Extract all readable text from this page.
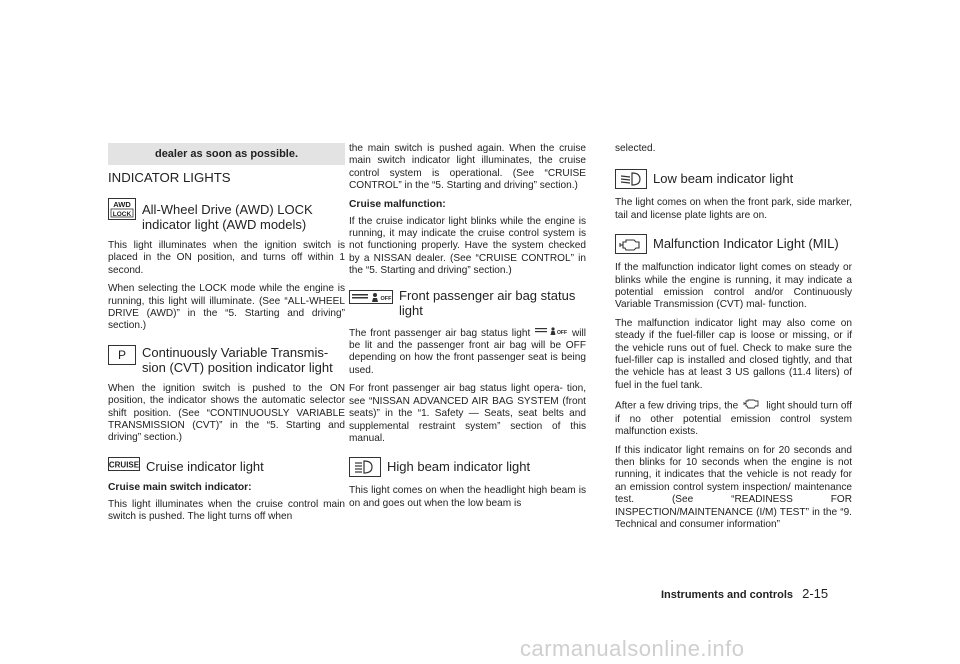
dealer as soon as possible.
INDICATOR LIGHTS
AWD
LOCK All-Wheel Drive (AWD) LOCK indicator light (AWD models)

This light illuminates when the ignition switch is placed in the ON position, and turns off within 1 second.

When selecting the LOCK mode while the engine is running, this light will illuminate. (See “ALL-WHEEL DRIVE (AWD)” in the “5. Starting and driving” section.)

P Continuously Variable Transmis- sion (CVT) position indicator light

When the ignition switch is pushed to the ON position, the indicator shows the automatic selector shift position. (See “CONTINUOUSLY VARIABLE TRANSMISSION (CVT)” in the “5. Starting and driving” section.)

CRUISE Cruise indicator light
Cruise main switch indicator:

This light illuminates when the cruise control main switch is pushed. The light turns off when

the main switch is pushed again. When the cruise main switch indicator light illuminates, the cruise control system is operational. (See “CRUISE CONTROL” in the “5. Starting and driving” section.)

Cruise malfunction:

If the cruise indicator light blinks while the engine is running, it may indicate the cruise control system is not functioning properly. Have the system checked by a NISSAN dealer. (See “CRUISE CONTROL” in the “5. Starting and driving” section.)

OFF Front passenger air bag status light

The front passenger air bag status light	OFF will be lit and the passenger front air bag will be OFF depending on how the front passenger seat is being used.

For front passenger air bag status light opera- tion, see “NISSAN ADVANCED AIR BAG SYSTEM (front seats)” in the “1. Safety — Seats, seat belts and supplemental restraint system” section of this manual.

High beam indicator light

This light comes on when the headlight high beam is on and goes out when the low beam is

selected.

Low beam indicator light

The light comes on when the front park, side marker, tail and license plate lights are on.

Malfunction Indicator Light (MIL)

If the malfunction indicator light comes on steady or blinks while the engine is running, it may indicate a potential emission control and/or Continuously Variable Transmission (CVT) mal- function.

The malfunction indicator light may also come on steady if the fuel-filler cap is loose or missing, or if the vehicle runs out of fuel. Check to make sure the fuel-filler cap is installed and closed tightly, and that the vehicle has at least 3 US gallons (11.4 liters) of fuel in the fuel tank.

After a few driving trips, the	light should turn off if no other potential emission control system malfunction exists.

If this indicator light remains on for 20 seconds and then blinks for 10 seconds when the engine is not running, it indicates that the vehicle is not ready for an emission control system inspection/ maintenance test. (See “READINESS FOR INSPECTION/MAINTENANCE (I/M) TEST” in the “9. Technical and consumer information”

Instruments and controls 2-15
carmanualsonline.info
